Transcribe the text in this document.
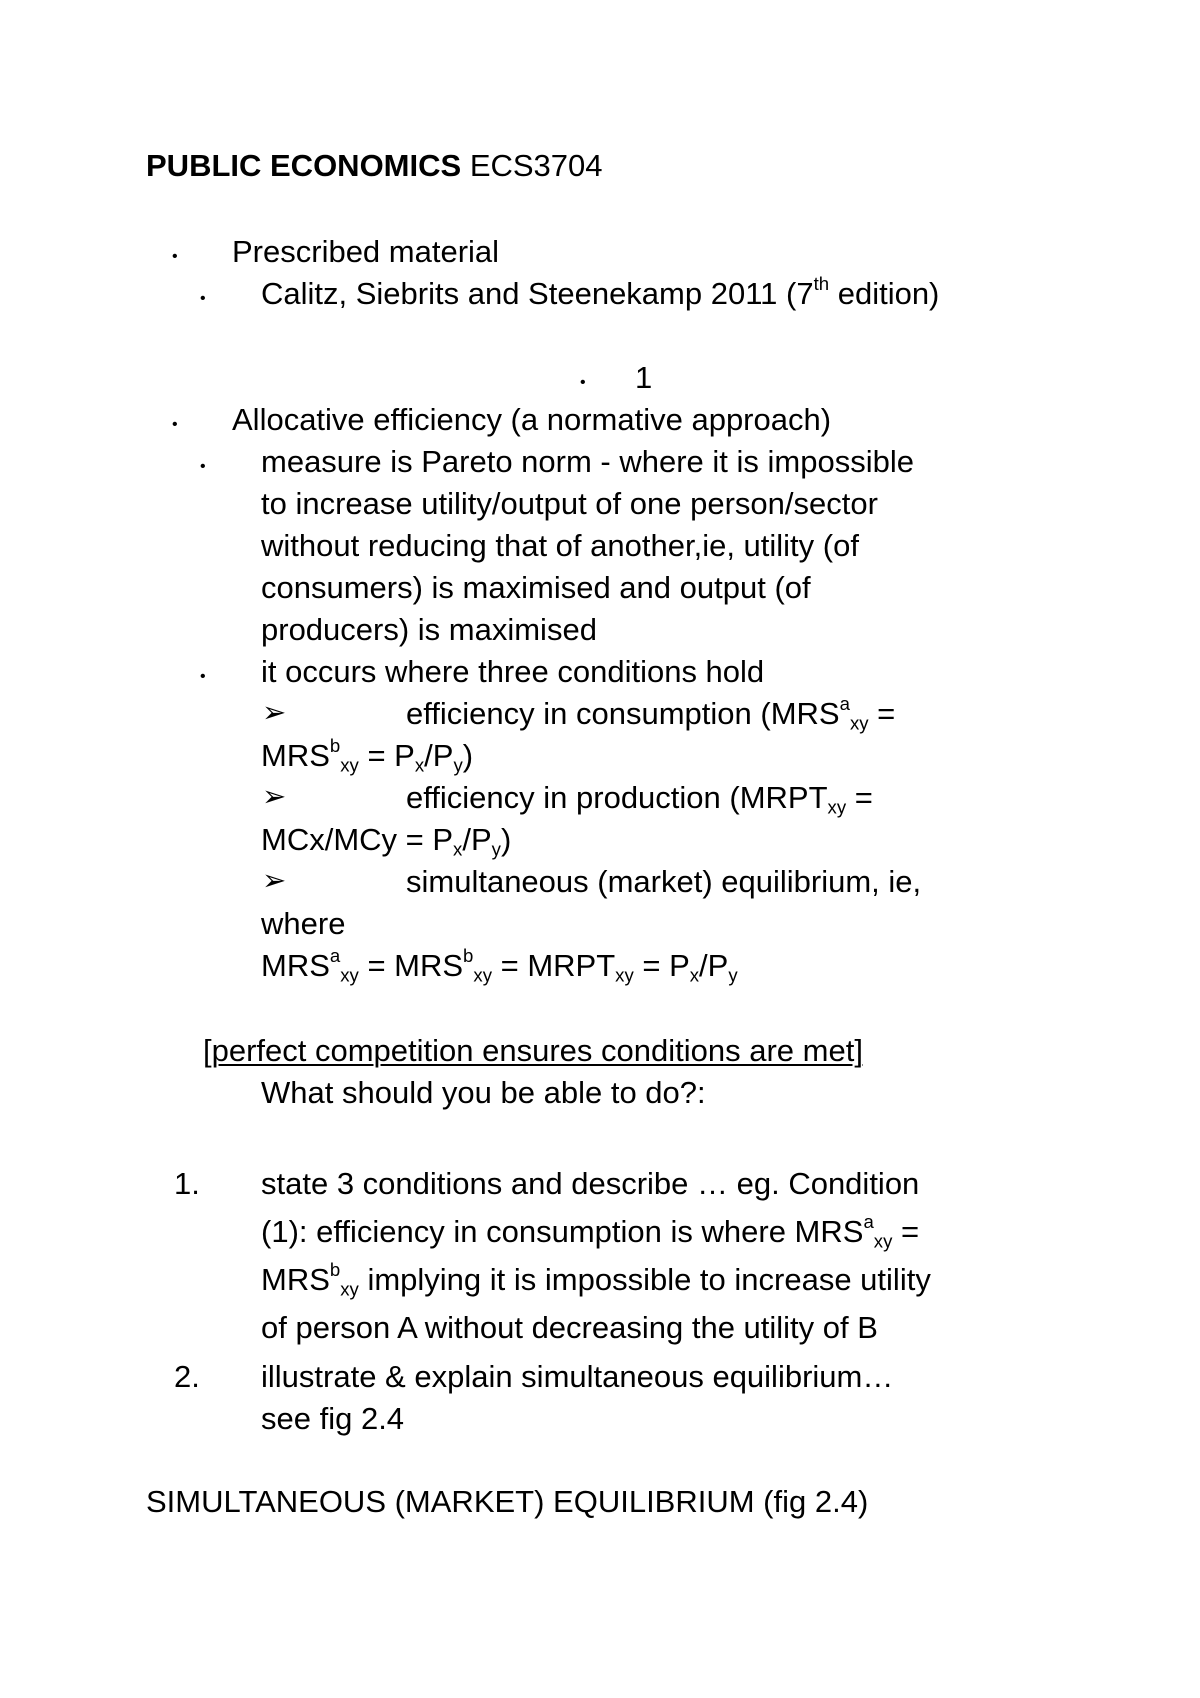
PUBLIC ECONOMICS ECS3704
• Prescribed material
• Calitz, Siebrits and Steenekamp 2011 (7th edition)
• 1
• Allocative efficiency (a normative approach)
• measure is Pareto norm - where it is impossible
to increase utility/output of one person/sector
without reducing that of another,ie, utility (of
consumers) is maximised and output (of
producers) is maximised
• it occurs where three conditions hold
➢	efficiency in consumption ($MRS^a_{xy}$ =
$MRS^b_{xy} = P_x/P_y$)
➢	efficiency in production ($MRPT_{xy}$ =
$MCx/MCy = P_x/P_y$)
➢	simultaneous (market) equilibrium, ie,
where
$MRS^a_{xy} = MRS^b_{xy}$ = $MRPT_{xy} = P_x/P_y$
[perfect competition ensures conditions are met]
What should you be able to do?:
1. state 3 conditions and describe … eg. Condition
(1): efficiency in consumption is where $MRS^a_{xy}$ =
$MRS^b_{xy}$ implying it is impossible to increase utility
of person A without decreasing the utility of B
2. illustrate & explain simultaneous equilibrium…
see fig 2.4
SIMULTANEOUS (MARKET) EQUILIBRIUM (fig 2.4)
